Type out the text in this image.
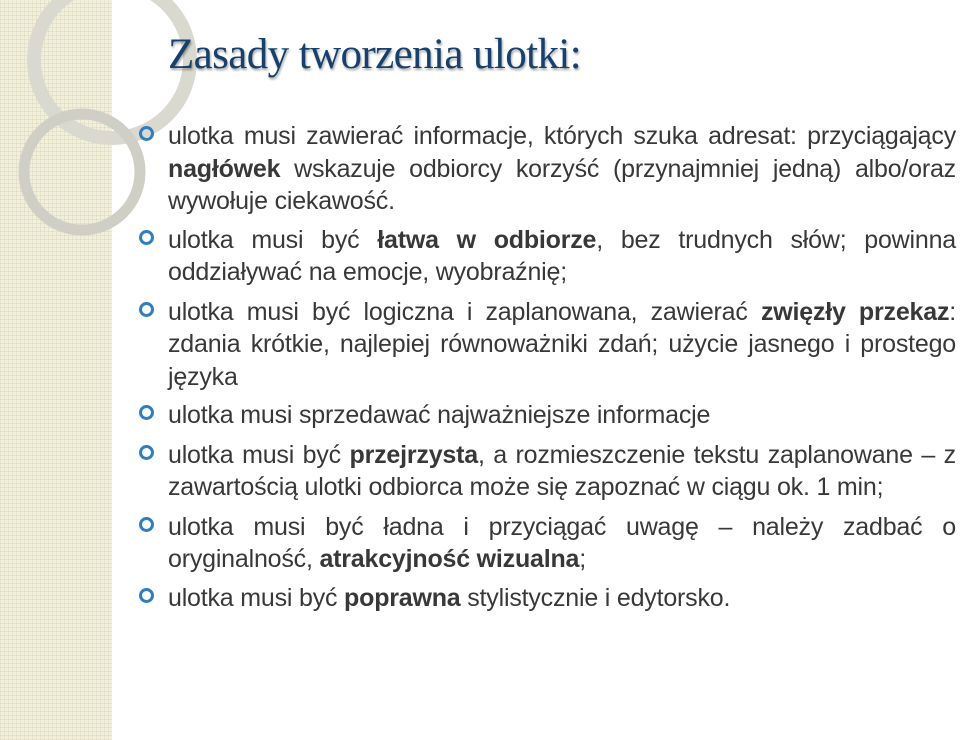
Zasady tworzenia ulotki:
ulotka musi zawierać informacje, których szuka adresat: przyciągający nagłówek wskazuje odbiorcy korzyść (przynajmniej jedną) albo/oraz wywołuje ciekawość.
ulotka musi być łatwa w odbiorze, bez trudnych słów; powinna oddziaływać na emocje, wyobraźnię;
ulotka musi być logiczna i zaplanowana, zawierać zwięzły przekaz: zdania krótkie, najlepiej równoważniki zdań; użycie jasnego i prostego języka
ulotka musi sprzedawać najważniejsze informacje
ulotka musi być przejrzysta, a rozmieszczenie tekstu zaplanowane – z zawartością ulotki odbiorca może się zapoznać w ciągu ok. 1 min;
ulotka musi być ładna i przyciągać uwagę – należy zadbać o oryginalność, atrakcyjność wizualna;
ulotka musi być poprawna stylistycznie i edytorsko.
